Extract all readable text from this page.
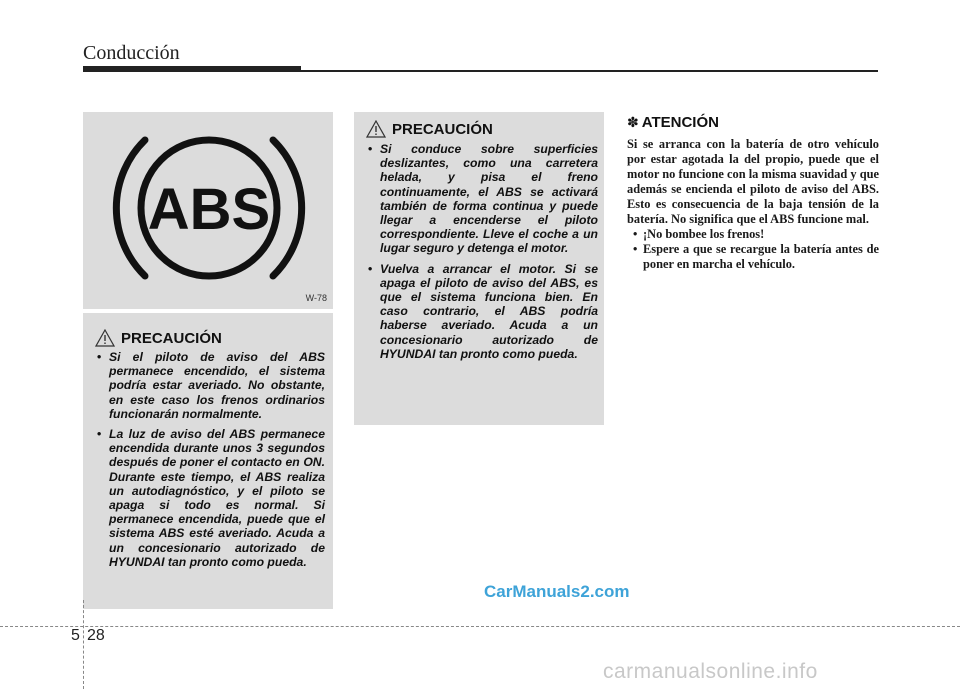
Conducción
ABS
W-78
PRECAUCIÓN
• Si el piloto de aviso del ABS permanece encendido, el sistema podría estar averiado. No obstante, en este caso los frenos ordinarios funcionarán normalmente.
• La luz de aviso del ABS permanece encendida durante unos 3 segundos después de poner el contacto en ON. Durante este tiempo, el ABS realiza un autodiagnóstico, y el piloto se apaga si todo es normal. Si permanece encendida, puede que el sistema ABS esté averiado. Acuda a un concesionario autorizado de HYUNDAI tan pronto como pueda.
PRECAUCIÓN
• Si conduce sobre superficies deslizantes, como una carretera helada, y pisa el freno continuamente, el ABS se activará también de forma continua y puede llegar a encenderse el piloto correspondiente. Lleve el coche a un lugar seguro y detenga el motor.
• Vuelva a arrancar el motor. Si se apaga el piloto de aviso del ABS, es que el sistema funciona bien. En caso contrario, el ABS podría haberse averiado. Acuda a un concesionario autorizado de HYUNDAI tan pronto como pueda.
✽ ATENCIÓN
Si se arranca con la batería de otro vehículo por estar agotada la del propio, puede que el motor no funcione con la misma suavidad y que además se encienda el piloto de aviso del ABS. Esto es consecuencia de la baja tensión de la batería. No significa que el ABS funcione mal.
• ¡No bombee los frenos!
• Espere a que se recargue la batería antes de poner en marcha el vehículo.
CarManuals2.com
5 28
carmanualsonline.info
